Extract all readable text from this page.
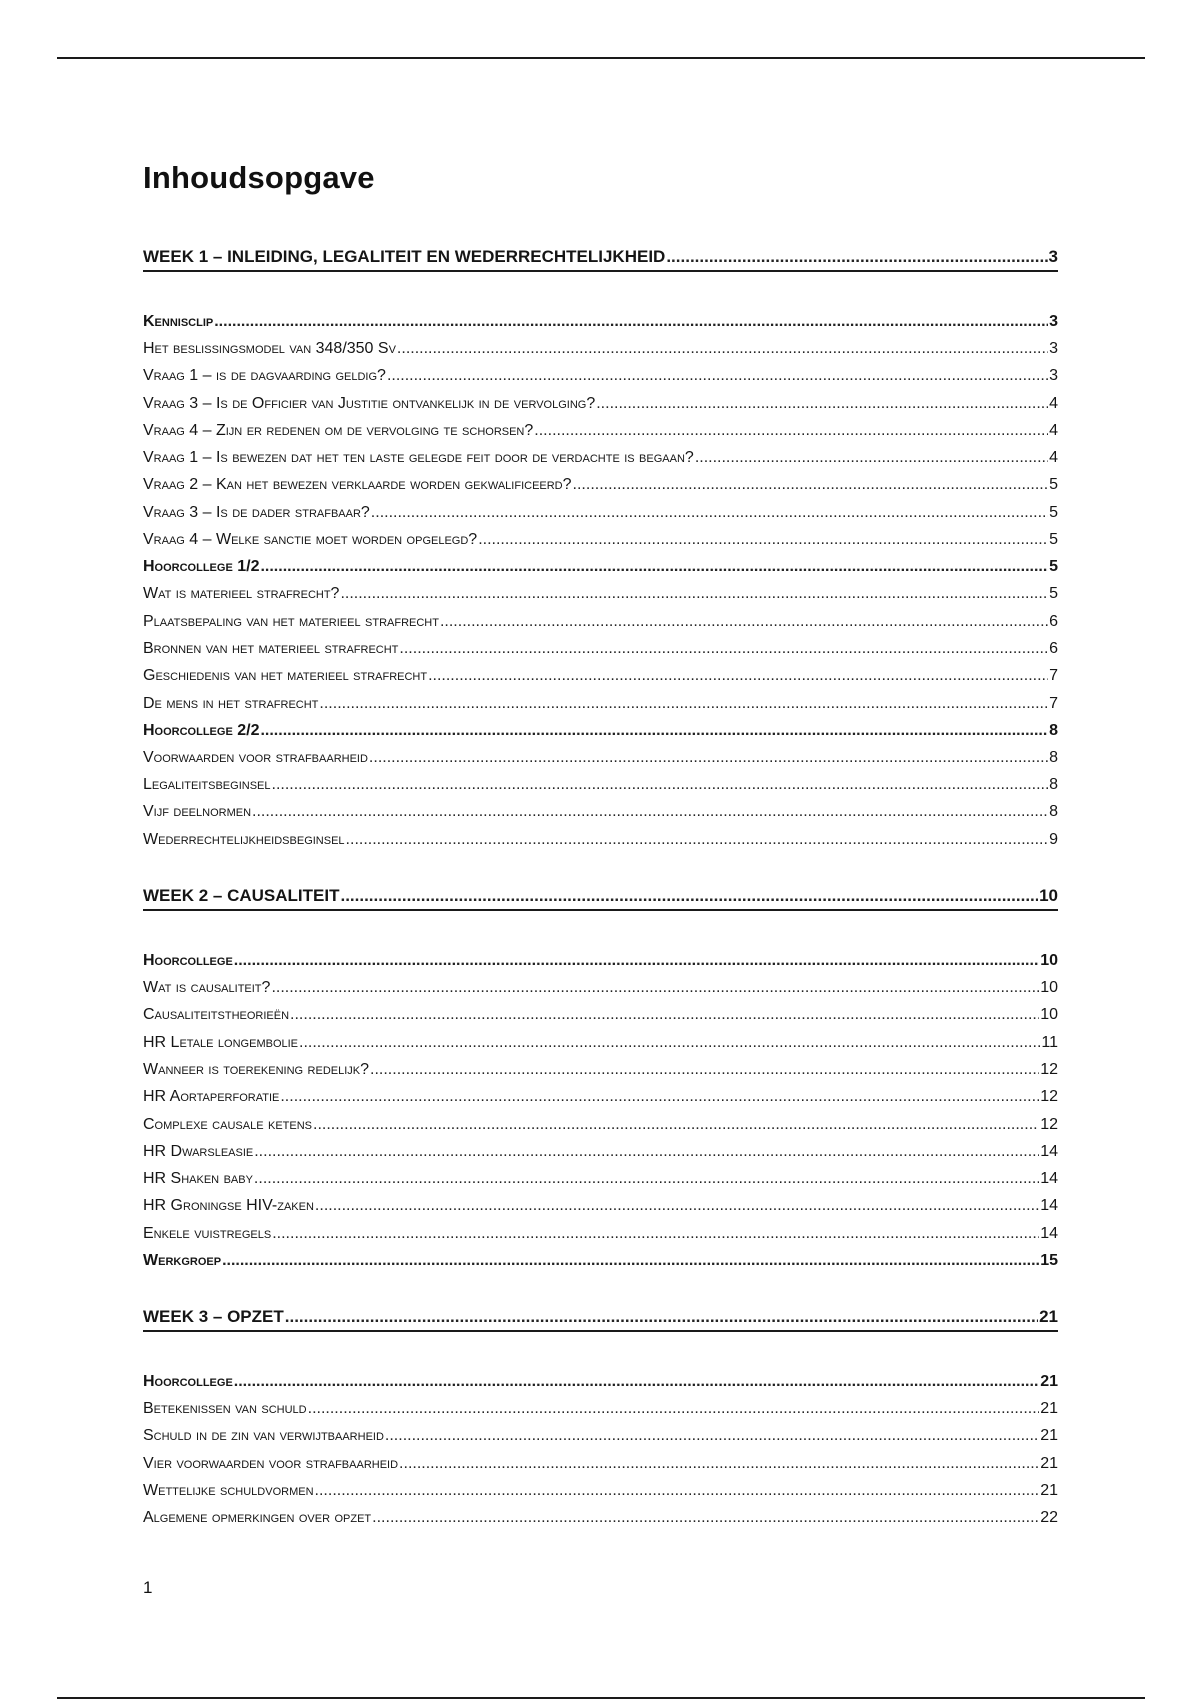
Inhoudsopgave
WEEK 1 – INLEIDING, LEGALITEIT EN WEDERRECHTELIJKHEID .....	3
Kennisclip .....	3
Het beslissingsmodel van 348/350 Sv .....	3
Vraag 1 – is de dagvaarding geldig? .....	3
Vraag 3 – Is de Officier van Justitie ontvankelijk in de vervolging? .....	4
Vraag 4 – Zijn er redenen om de vervolging te schorsen? .....	4
Vraag 1 – Is bewezen dat het ten laste gelegde feit door de verdachte is begaan? .....	4
Vraag 2 – Kan het bewezen verklaarde worden gekwalificeerd? .....	5
Vraag 3 – Is de dader strafbaar? .....	5
Vraag 4 – Welke sanctie moet worden opgelegd? .....	5
Hoorcollege 1/2 .....	5
Wat is materieel strafrecht? .....	5
Plaatsbepaling van het materieel strafrecht .....	6
Bronnen van het materieel strafrecht .....	6
Geschiedenis van het materieel strafrecht .....	7
De mens in het strafrecht .....	7
Hoorcollege 2/2 .....	8
Voorwaarden voor strafbaarheid .....	8
Legaliteitsbeginsel .....	8
Vijf deelnormen .....	8
Wederrechtelijkheidsbeginsel .....	9
WEEK 2 – CAUSALITEIT .....	10
Hoorcollege .....	10
Wat is causaliteit? .....	10
Causaliteitstheorieën .....	10
HR Letale longembolie .....	11
Wanneer is toerekening redelijk? .....	12
HR Aortaperforatie .....	12
Complexe causale ketens .....	12
HR Dwarsleasie .....	14
HR Shaken baby .....	14
HR Groningse HIV-zaken .....	14
Enkele vuistregels .....	14
Werkgroep .....	15
WEEK 3 – OPZET .....	21
Hoorcollege .....	21
Betekenissen van schuld .....	21
Schuld in de zin van verwijtbaarheid .....	21
Vier voorwaarden voor strafbaarheid .....	21
Wettelijke schuldvormen .....	21
Algemene opmerkingen over opzet .....	22
1
